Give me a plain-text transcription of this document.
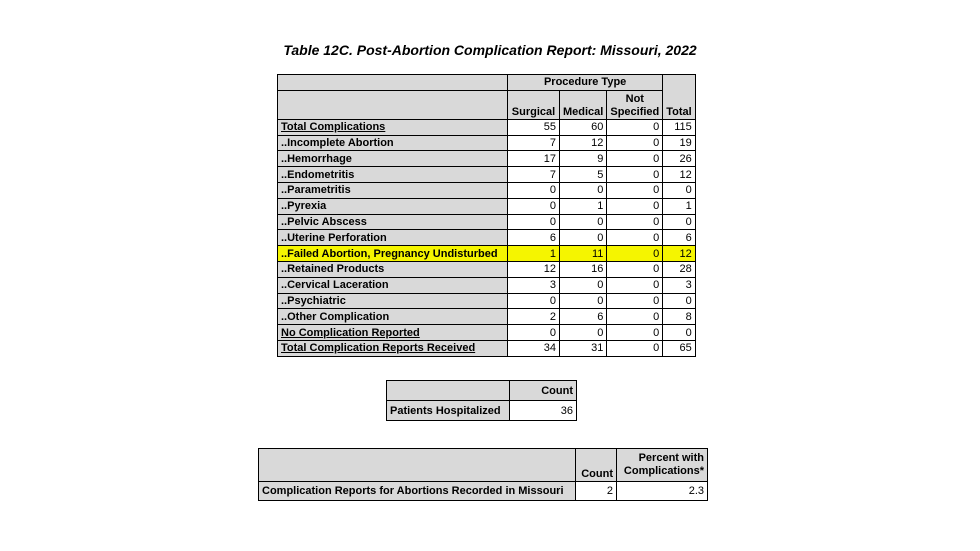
Table 12C. Post-Abortion Complication Report: Missouri, 2022
	Procedure Type			Total
	Surgical	Medical	Not
Specified	
Total Complications	55	60	0	115
..Incomplete Abortion	7	12	0	19
..Hemorrhage	17	9	0	26
..Endometritis	7	5	0	12
..Parametritis	0	0	0	0
..Pyrexia	0	1	0	1
..Pelvic Abscess	0	0	0	0
..Uterine Perforation	6	0	0	6
..Failed Abortion, Pregnancy Undisturbed	1	11	0	12
..Retained Products	12	16	0	28
..Cervical Laceration	3	0	0	3
..Psychiatric	0	0	0	0
..Other Complication	2	6	0	8
No Complication Reported	0	0	0	0
Total Complication Reports Received	34	31	0	65
	Count
Patients Hospitalized	36
	Count	Percent with
Complications*
Complication Reports for Abortions Recorded in Missouri	2	2.3
